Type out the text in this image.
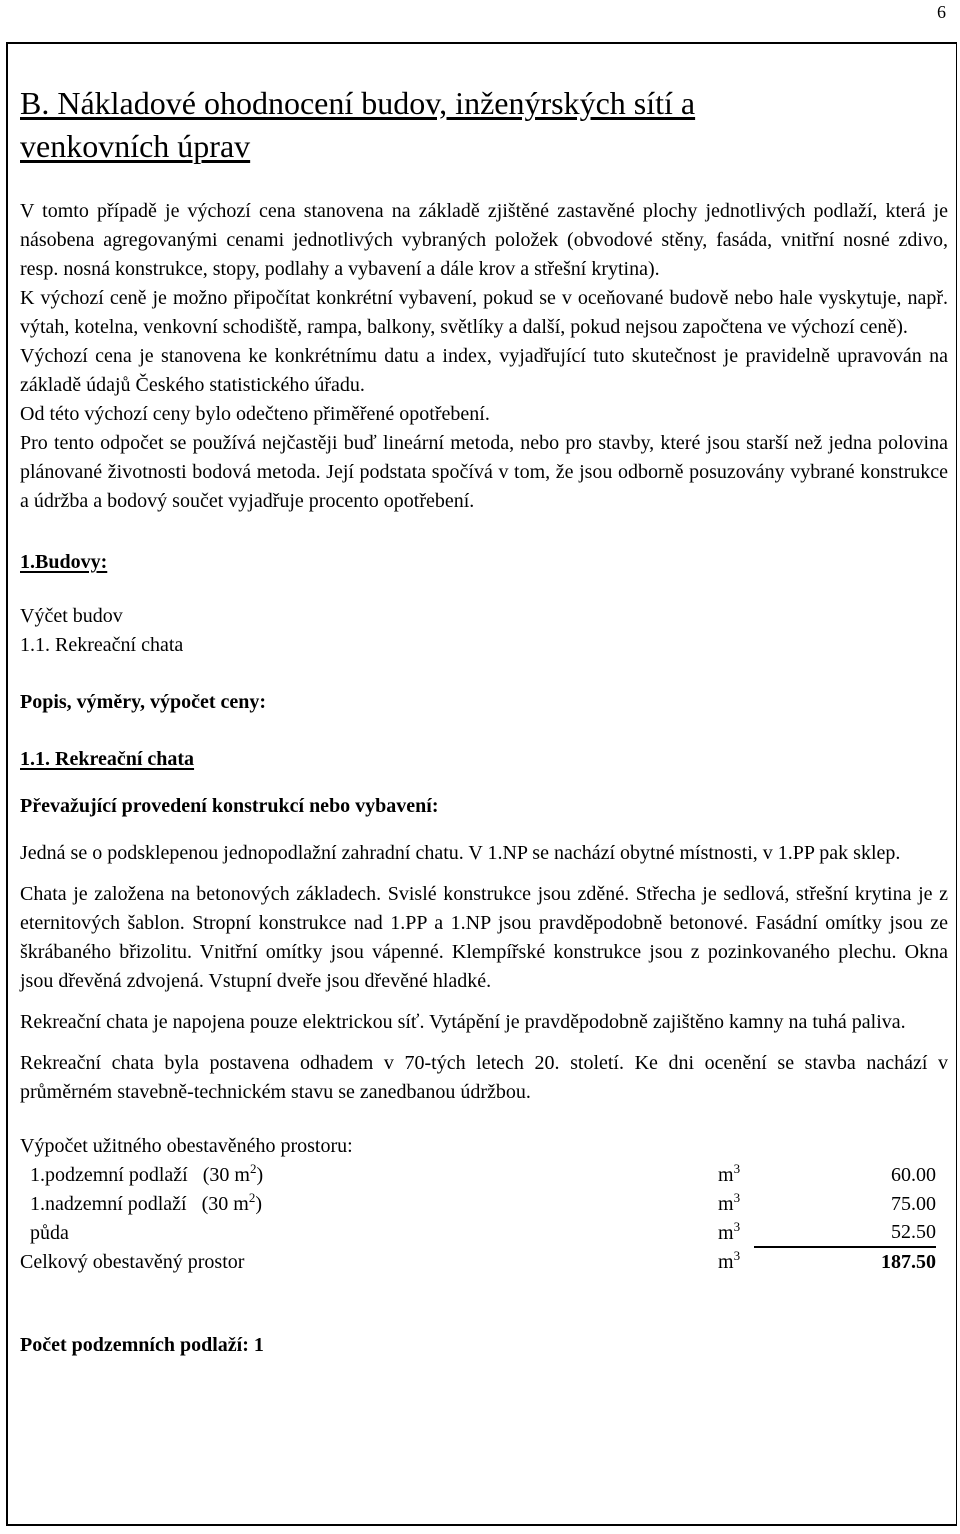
6
B. Nákladové ohodnocení budov, inženýrských sítí a
venkovních úprav

V tomto případě je výchozí cena stanovena na základě zjištěné zastavěné plochy jednotlivých podlaží, která je násobena agregovanými cenami jednotlivých vybraných položek (obvodové stěny, fasáda, vnitřní nosné zdivo, resp. nosná konstrukce, stopy, podlahy a vybavení a dále krov a střešní krytina).

K výchozí ceně je možno připočítat konkrétní vybavení, pokud se v oceňované budově nebo hale vyskytuje, např. výtah, kotelna, venkovní schodiště, rampa, balkony, světlíky a další, pokud nejsou započtena ve výchozí ceně).

Výchozí cena je stanovena ke konkrétnímu datu a index, vyjadřující tuto skutečnost je pravidelně upravován na základě údajů Českého statistického úřadu.

Od této výchozí ceny bylo odečteno přiměřené opotřebení.

Pro tento odpočet se používá nejčastěji buď lineární metoda, nebo pro stavby, které jsou starší než jedna polovina plánované životnosti bodová metoda. Její podstata spočívá v tom, že jsou odborně posuzovány vybrané konstrukce a údržba a bodový součet vyjadřuje procento opotřebení.

1.Budovy:

Výčet budov

1.1. Rekreační chata

Popis, výměry, výpočet ceny:

1.1. Rekreační chata

Převažující provedení konstrukcí nebo vybavení:

Jedná se o podsklepenou jednopodlažní zahradní chatu. V 1.NP se nachází obytné místnosti, v 1.PP pak sklep.

Chata je založena na betonových základech. Svislé konstrukce jsou zděné. Střecha je sedlová, střešní krytina je z eternitových šablon. Stropní konstrukce nad 1.PP a 1.NP jsou pravděpodobně betonové. Fasádní omítky jsou ze škrábaného břizolitu. Vnitřní omítky jsou vápenné. Klempířské konstrukce jsou z pozinkovaného plechu. Okna jsou dřevěná zdvojená. Vstupní dveře jsou dřevěné hladké.

Rekreační chata je napojena pouze elektrickou síť. Vytápění je pravděpodobně zajištěno kamny na tuhá paliva.

Rekreační chata byla postavena odhadem v 70-tých letech 20. století. Ke dni ocenění se stavba nachází v průměrném stavebně-technickém stavu se zanedbanou údržbou.

Výpočet užitného obestavěného prostoru:

1.podzemní podlaží   (30 $m^2$)	$m^3$	60.00
1.nadzemní podlaží   (30 $m^2$)	$m^3$	75.00
půda	$m^3$	52.50
Celkový obestavěný prostor	$m^3$	187.50

Počet podzemních podlaží: 1
